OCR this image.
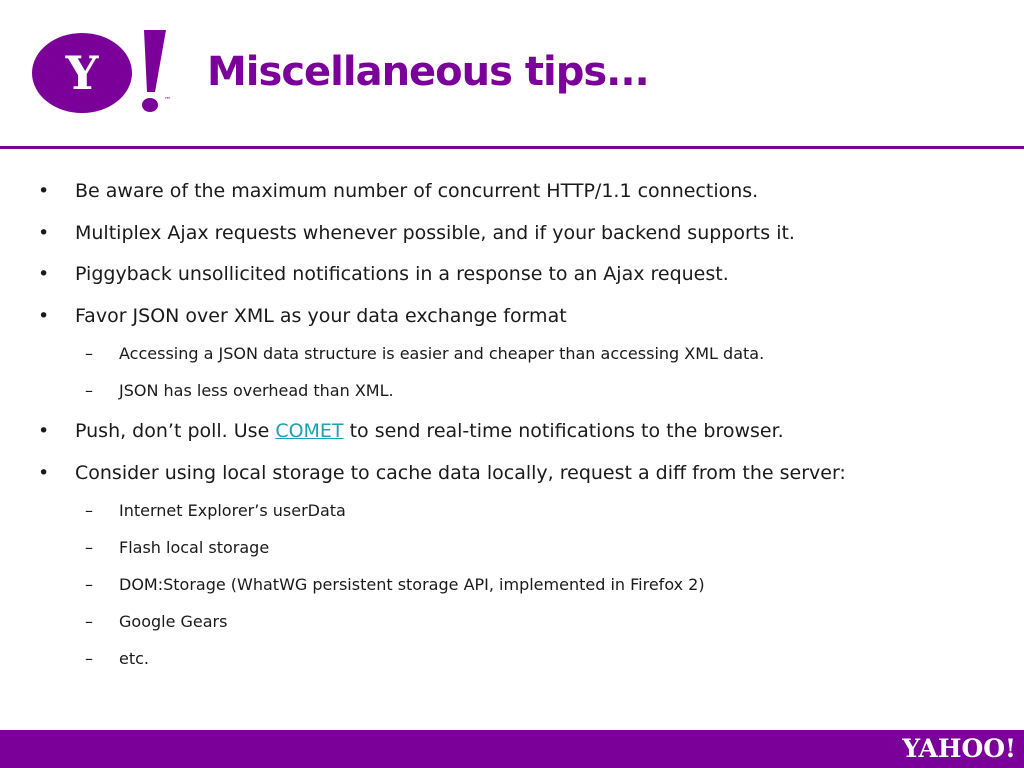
Y	™
Miscellaneous tips...
• Be aware of the maximum number of concurrent HTTP/1.1 connections.
• Multiplex Ajax requests whenever possible, and if your backend supports it.
• Piggyback unsollicited notifications in a response to an Ajax request.
• Favor JSON over XML as your data exchange format
– Accessing a JSON data structure is easier and cheaper than accessing XML data.
– JSON has less overhead than XML.
• Push, don’t poll. Use COMET to send real-time notifications to the browser.
• Consider using local storage to cache data locally, request a diff from the server:
– Internet Explorer’s userData
– Flash local storage
– DOM:Storage (WhatWG persistent storage API, implemented in Firefox 2)
– Google Gears
– etc.
YAHOO!
